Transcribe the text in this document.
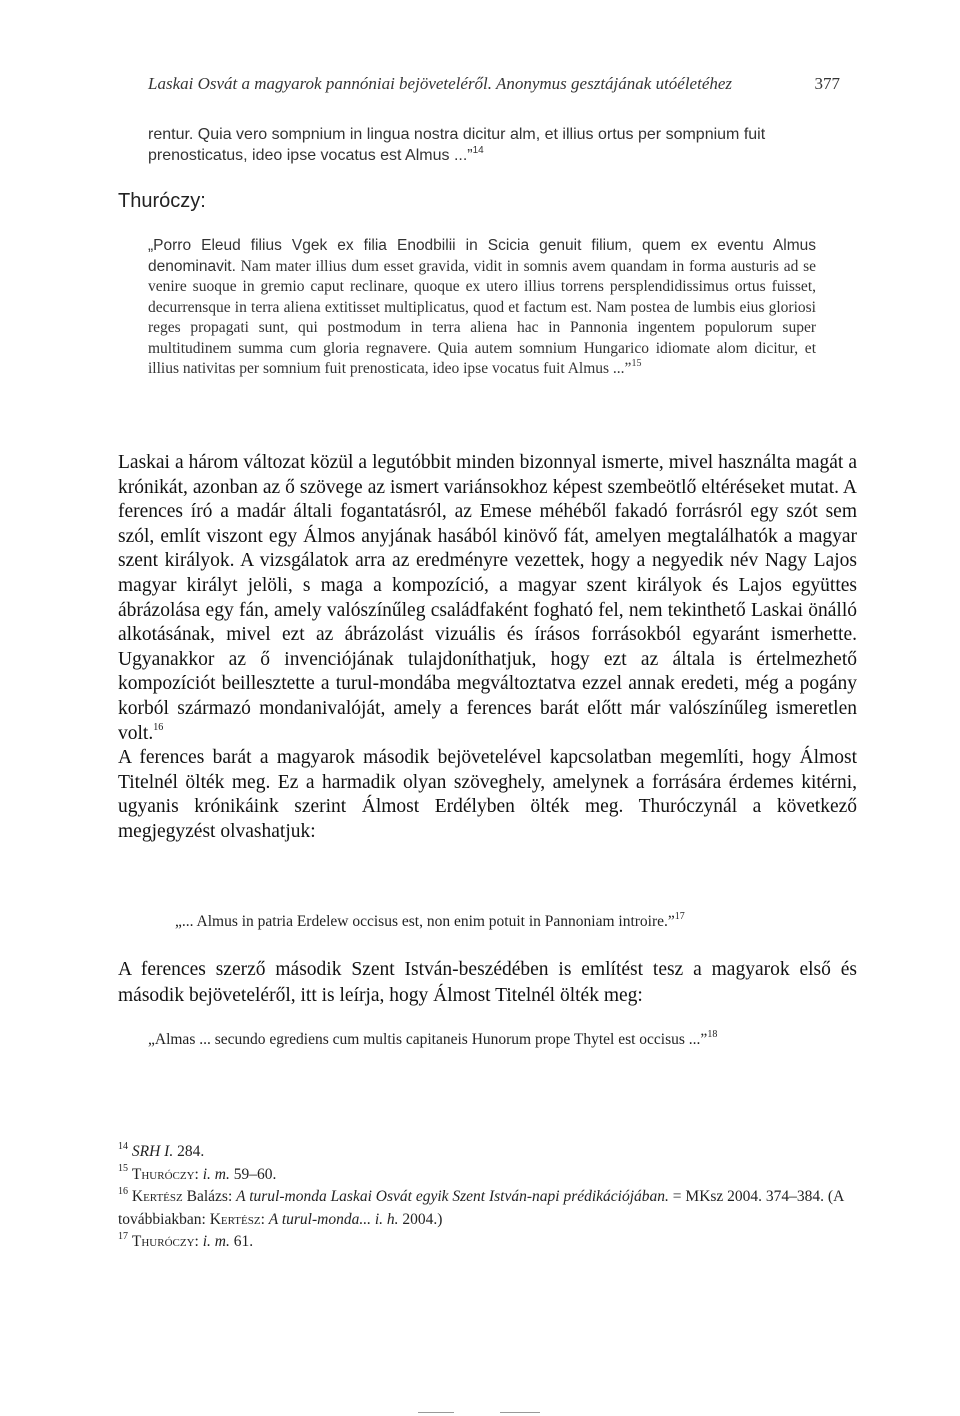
Laskai Osvát a magyarok pannóniai bejöveteléről. Anonymus gesztájának utóéletéhez	377
rentur. Quia vero sompnium in lingua nostra dicitur alm, et illius ortus per sompnium fuit prenosticatus, ideo ipse vocatus est Almus ...”$^{14}$
Thuróczy:
„Porro Eleud filius Vgek ex filia Enodbilii in Scicia genuit filium, quem ex eventu Almus denominavit. Nam mater illius dum esset gravida, vidit in somnis avem quandam in forma austuris ad se venire suoque in gremio caput reclinare, quoque ex utero illius torrens persplendidissimus ortus fuisset, decurrensque in terra aliena extitisset multiplicatus, quod et factum est. Nam postea de lumbis eius gloriosi reges propagati sunt, qui postmodum in terra aliena hac in Pannonia ingentem populorum super multitudinem summa cum gloria regnavere. Quia autem somnium Hungarico idiomate alom dicitur, et illius nativitas per somnium fuit prenosticata, ideo ipse vocatus fuit Almus ...”$^{15}$

Laskai a három változat közül a legutóbbit minden bizonnyal ismerte, mivel használta magát a krónikát, azonban az ő szövege az ismert variánsokhoz képest szembeötlő eltéréseket mutat. A ferences író a madár általi fogantatásról, az Emese méhéből fakadó forrásról egy szót sem szól, említ viszont egy Álmos anyjának hasából kinövő fát, amelyen megtalálhatók a magyar szent királyok. A vizsgálatok arra az eredményre vezettek, hogy a negyedik név Nagy Lajos magyar királyt jelöli, s maga a kompozíció, a magyar szent királyok és Lajos együttes ábrázolása egy fán, amely valószínűleg családfaként fogható fel, nem tekinthető Laskai önálló alkotásának, mivel ezt az ábrázolást vizuális és írásos forrásokból egyaránt ismerhette. Ugyanakkor az ő invenciójának tulajdoníthatjuk, hogy ezt az általa is értelmezhető kompozíciót beillesztette a turul-mondába megváltoztatva ezzel annak eredeti, még a pogány korból származó mondanivalóját, amely a ferences barát előtt már valószínűleg ismeretlen volt.$^{16}$

A ferences barát a magyarok második bejövetelével kapcsolatban megemlíti, hogy Álmost Titelnél ölték meg. Ez a harmadik olyan szöveghely, amelynek a forrására érdemes kitérni, ugyanis krónikáink szerint Álmost Erdélyben ölték meg. Thuróczynál a következő megjegyzést olvashatjuk:

„... Almus in patria Erdelew occisus est, non enim potuit in Pannoniam introire.”$^{17}$

A ferences szerző második Szent István-beszédében is említést tesz a magyarok első és második bejöveteléről, itt is leírja, hogy Álmost Titelnél ölték meg:

„Almas ... secundo egrediens cum multis capitaneis Hunorum prope Thytel est occisus ...”$^{18}$
$^{14}$ SRH I. 284.
$^{15}$ Thuróczy: i. m. 59–60.
$^{16}$ Kertész Balázs: A turul-monda Laskai Osvát egyik Szent István-napi prédikációjában. = MKsz 2004. 374–384. (A továbbiakban: Kertész: A turul-monda... i. h. 2004.)
$^{17}$ Thuróczy: i. m. 61.
